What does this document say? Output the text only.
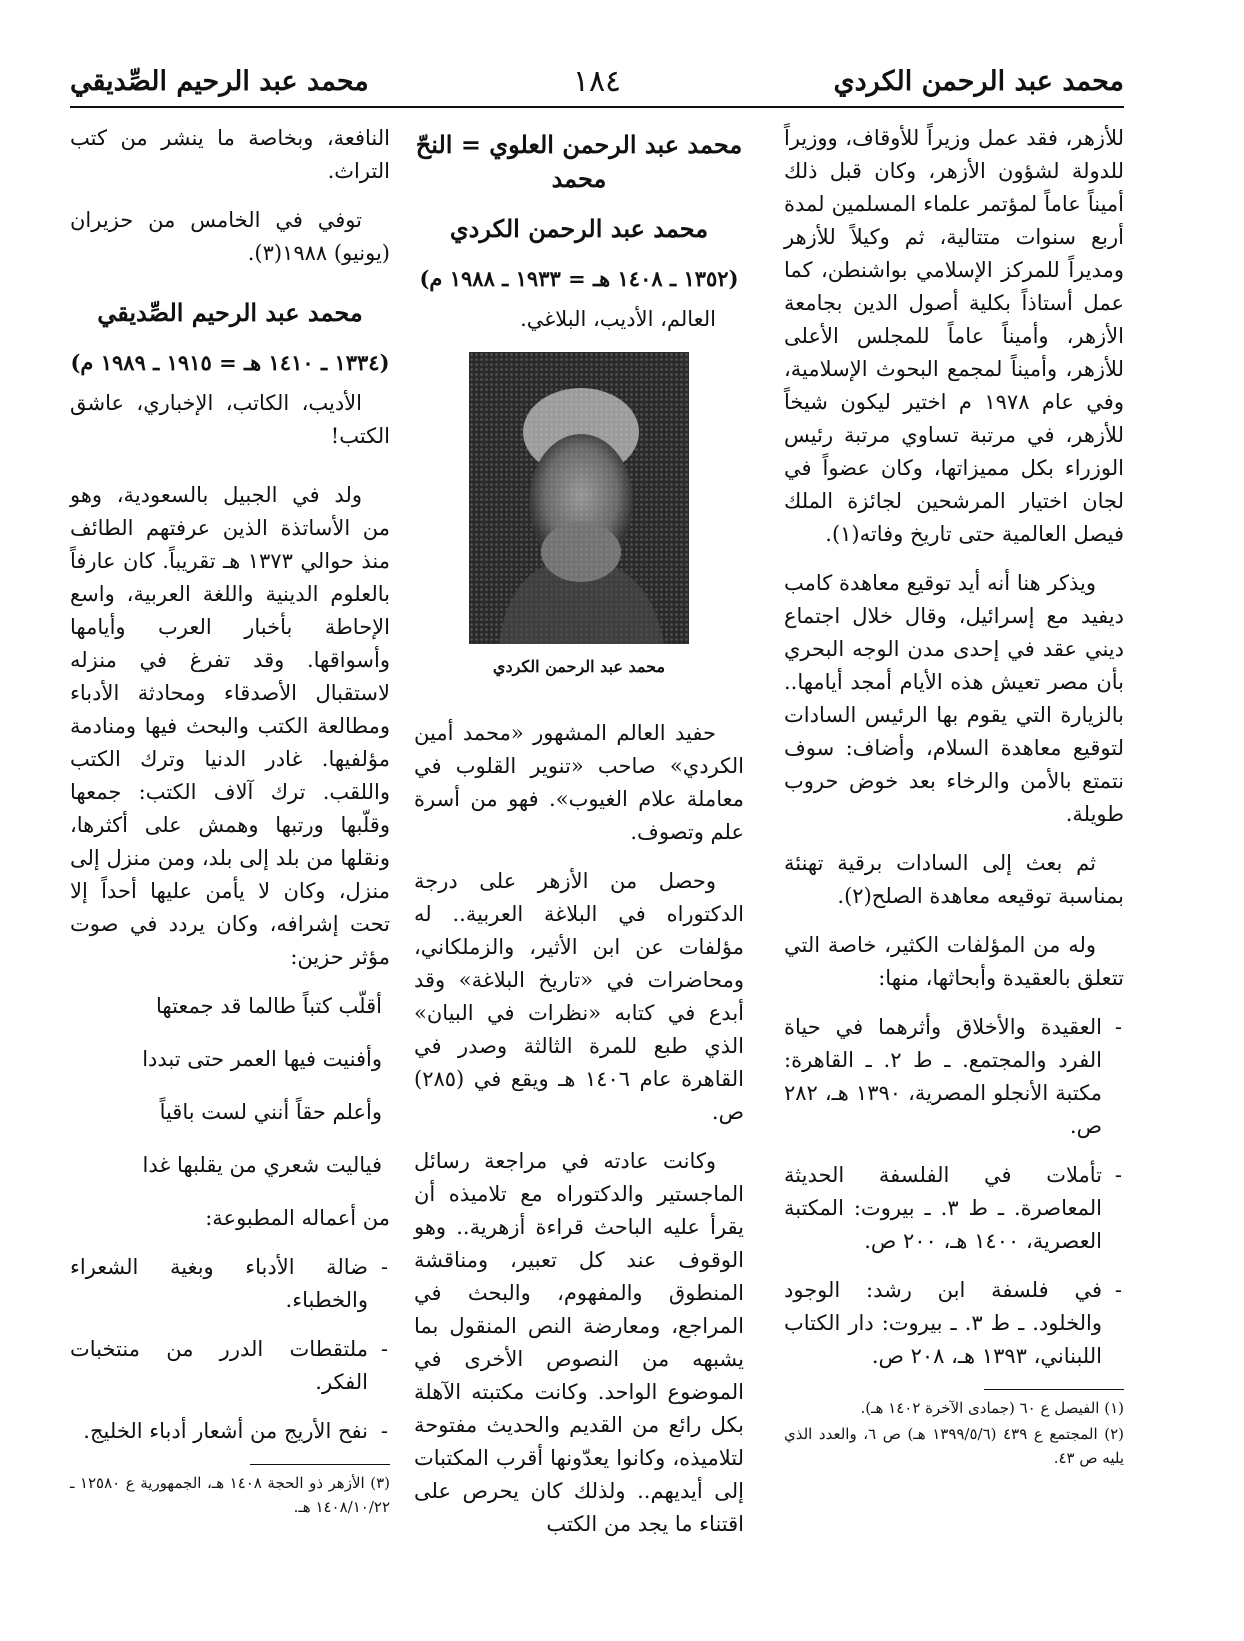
محمد عبد الرحمن الكردي
١٨٤
محمد عبد الرحيم الصِّديقي

للأزهر، فقد عمل وزيراً للأوقاف، ووزيراً للدولة لشؤون الأزهر، وكان قبل ذلك أميناً عاماً لمؤتمر علماء المسلمين لمدة أربع سنوات متتالية، ثم وكيلاً للأزهر ومديراً للمركز الإسلامي بواشنطن، كما عمل أستاذاً بكلية أصول الدين بجامعة الأزهر، وأميناً عاماً للمجلس الأعلى للأزهر، وأميناً لمجمع البحوث الإسلامية، وفي عام ١٩٧٨ م اختير ليكون شيخاً للأزهر، في مرتبة تساوي مرتبة رئيس الوزراء بكل مميزاتها، وكان عضواً في لجان اختيار المرشحين لجائزة الملك فيصل العالمية حتى تاريخ وفاته(١).

ويذكر هنا أنه أيد توقيع معاهدة كامب ديفيد مع إسرائيل، وقال خلال اجتماع ديني عقد في إحدى مدن الوجه البحري بأن مصر تعيش هذه الأيام أمجد أيامها.. بالزيارة التي يقوم بها الرئيس السادات لتوقيع معاهدة السلام، وأضاف: سوف نتمتع بالأمن والرخاء بعد خوض حروب طويلة.

ثم بعث إلى السادات برقية تهنئة بمناسبة توقيعه معاهدة الصلح(٢).

وله من المؤلفات الكثير، خاصة التي تتعلق بالعقيدة وأبحاثها، منها:

- العقيدة والأخلاق وأثرهما في حياة الفرد والمجتمع. ـ ط ٢. ـ القاهرة: مكتبة الأنجلو المصرية، ١٣٩٠ هـ، ٢٨٢ ص.
- تأملات في الفلسفة الحديثة المعاصرة. ـ ط ٣. ـ بيروت: المكتبة العصرية، ١٤٠٠ هـ، ٢٠٠ ص.
- في فلسفة ابن رشد: الوجود والخلود. ـ ط ٣. ـ بيروت: دار الكتاب اللبناني، ١٣٩٣ هـ، ٢٠٨ ص.
(١) الفيصل ع ٦٠ (جمادى الآخرة ١٤٠٢ هـ).
(٢) المجتمع ع ٤٣٩ (١٣٩٩/٥/٦ هـ) ص ٦، والعدد الذي يليه ص ٤٣.
محمد عبد الرحمن العلوي = النحّ محمد
محمد عبد الرحمن الكردي

(١٣٥٢ ـ ١٤٠٨ هـ = ١٩٣٣ ـ ١٩٨٨ م)

العالم، الأديب، البلاغي.

محمد عبد الرحمن الكردي

حفيد العالم المشهور «محمد أمين الكردي» صاحب «تنوير القلوب في معاملة علام الغيوب». فهو من أسرة علم وتصوف.

وحصل من الأزهر على درجة الدكتوراه في البلاغة العربية.. له مؤلفات عن ابن الأثير، والزملكاني، ومحاضرات في «تاريخ البلاغة» وقد أبدع في كتابه «نظرات في البيان» الذي طبع للمرة الثالثة وصدر في القاهرة عام ١٤٠٦ هـ ويقع في (٢٨٥) ص.

وكانت عادته في مراجعة رسائل الماجستير والدكتوراه مع تلاميذه أن يقرأ عليه الباحث قراءة أزهرية.. وهو الوقوف عند كل تعبير، ومناقشة المنطوق والمفهوم، والبحث في المراجع، ومعارضة النص المنقول بما يشبهه من النصوص الأخرى في الموضوع الواحد. وكانت مكتبته الآهلة بكل رائع من القديم والحديث مفتوحة لتلاميذه، وكانوا يعدّونها أقرب المكتبات إلى أيديهم.. ولذلك كان يحرص على اقتناء ما يجد من الكتب

النافعة، وبخاصة ما ينشر من كتب التراث.

توفي في الخامس من حزيران (يونيو) ١٩٨٨(٣).

محمد عبد الرحيم الصِّديقي

(١٣٣٤ ـ ١٤١٠ هـ = ١٩١٥ ـ ١٩٨٩ م)

الأديب، الكاتب، الإخباري، عاشق الكتب!

ولد في الجبيل بالسعودية، وهو من الأساتذة الذين عرفتهم الطائف منذ حوالي ١٣٧٣ هـ تقريباً. كان عارفاً بالعلوم الدينية واللغة العربية، واسع الإحاطة بأخبار العرب وأيامها وأسواقها. وقد تفرغ في منزله لاستقبال الأصدقاء ومحادثة الأدباء ومطالعة الكتب والبحث فيها ومنادمة مؤلفيها. غادر الدنيا وترك الكتب واللقب. ترك آلاف الكتب: جمعها وقلّبها ورتبها وهمش على أكثرها، ونقلها من بلد إلى بلد، ومن منزل إلى منزل، وكان لا يأمن عليها أحداً إلا تحت إشرافه، وكان يردد في صوت مؤثر حزين:

أقلّب كتباً طالما قد جمعتها
وأفنيت فيها العمر حتى تبددا
وأعلم حقاً أنني لست باقياً
فياليت شعري من يقلبها غدا

من أعماله المطبوعة:

- ضالة الأدباء وبغية الشعراء والخطباء.
- ملتقطات الدرر من منتخبات الفكر.
- نفح الأريج من أشعار أدباء الخليج.
(٣) الأزهر ذو الحجة ١٤٠٨ هـ، الجمهورية ع ١٢٥٨٠ ـ ١٤٠٨/١٠/٢٢ هـ.
